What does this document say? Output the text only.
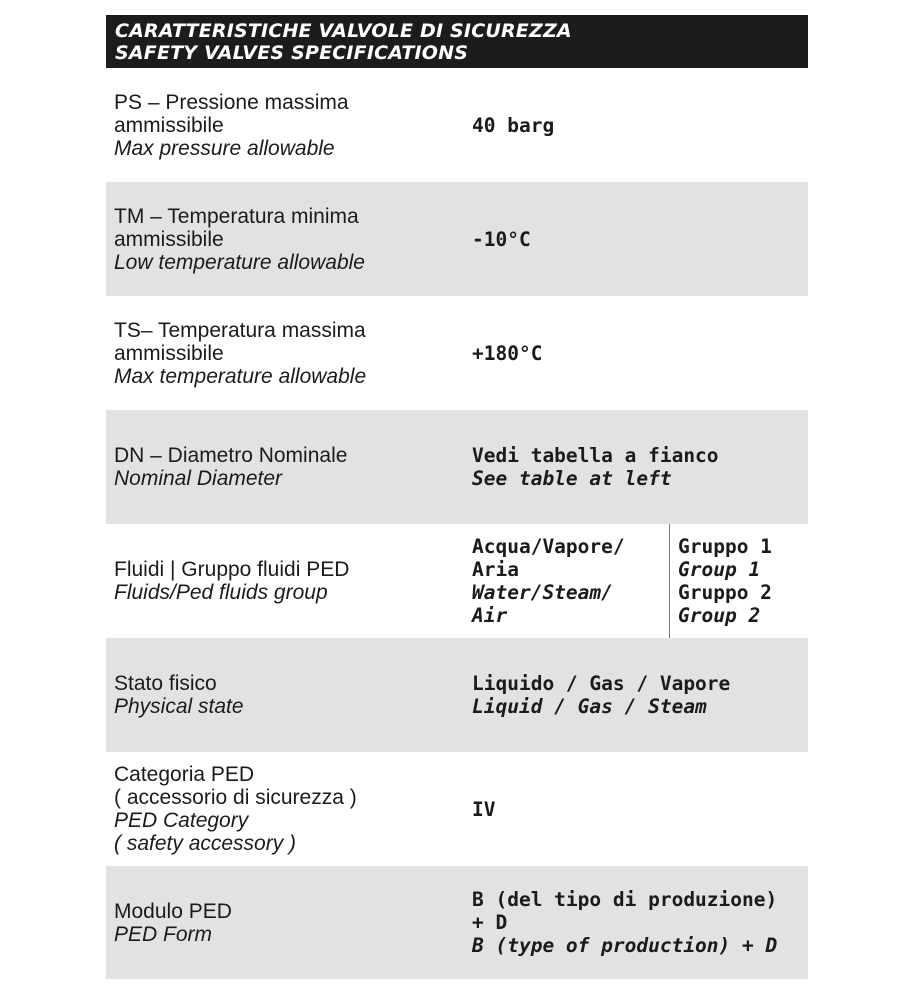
CARATTERISTICHE VALVOLE DI SICUREZZA
SAFETY VALVES SPECIFICATIONS
PS – Pressione massima
ammissibile
Max pressure allowable
40 barg
TM – Temperatura minima
ammissibile
Low temperature allowable
-10°C
TS– Temperatura massima
ammissibile
Max temperature allowable
+180°C
DN – Diametro Nominale
Nominal Diameter
Vedi tabella a fianco
See table at left
Fluidi | Gruppo fluidi PED
Fluids/Ped fluids group
Acqua/Vapore/
Aria
Water/Steam/
Air
Gruppo 1
Group 1
Gruppo 2
Group 2
Stato fisico
Physical state
Liquido / Gas / Vapore
Liquid / Gas / Steam
Categoria PED
( accessorio di sicurezza )
PED Category
( safety accessory )
IV
Modulo PED
PED Form
B (del tipo di produzione)
+ D
B (type of production) + D
